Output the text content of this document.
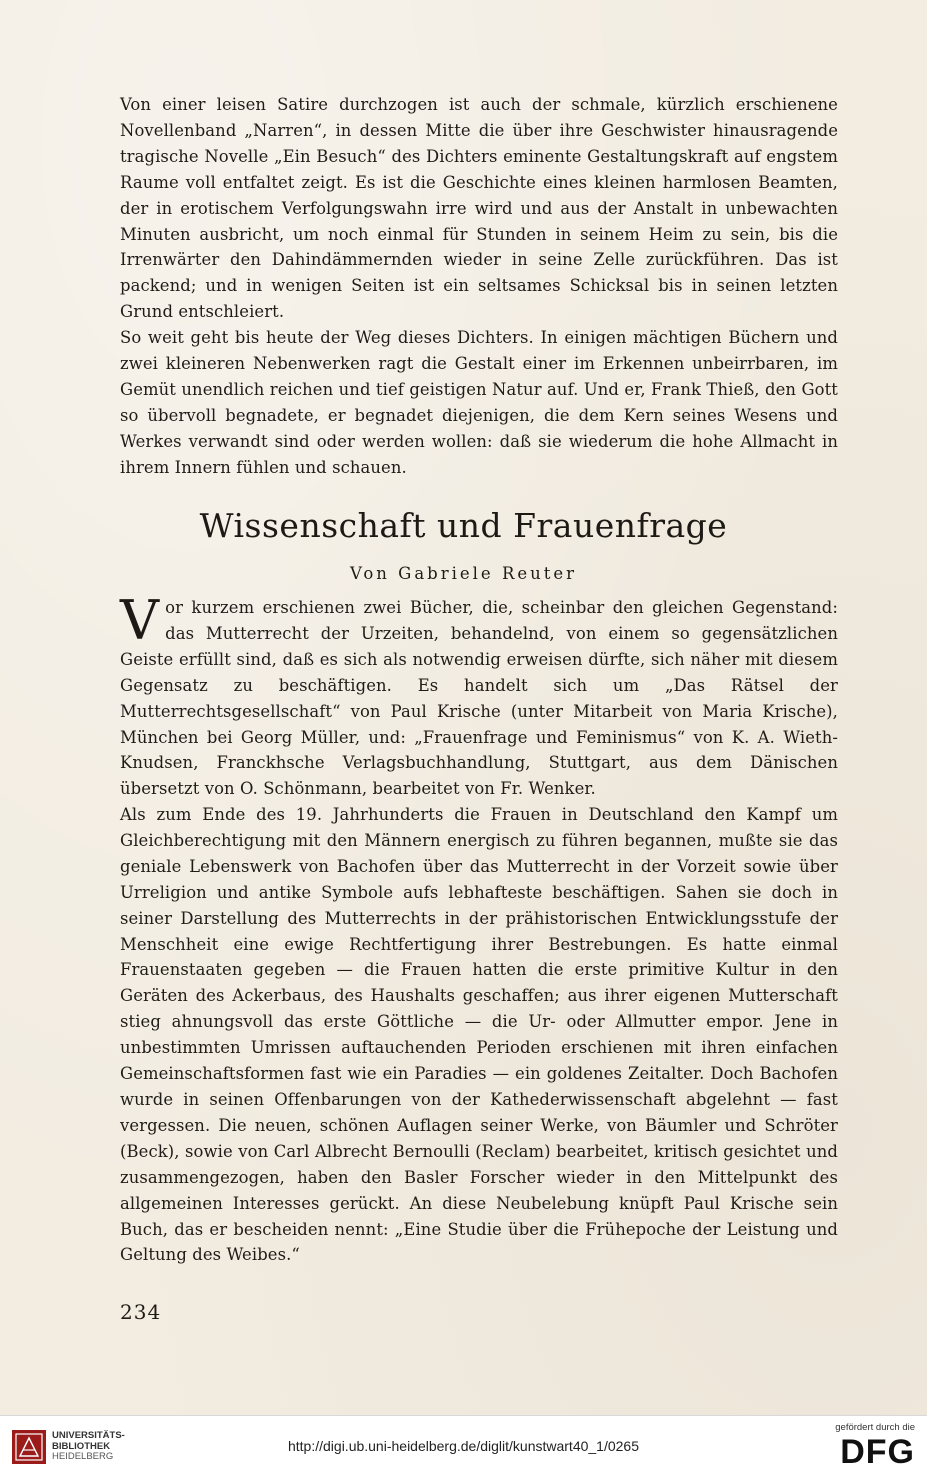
Von einer leisen Satire durchzogen ist auch der schmale, kürzlich erschienene Novellenband „Narren“, in dessen Mitte die über ihre Geschwister hinausragende tragische Novelle „Ein Besuch“ des Dichters eminente Gestaltungskraft auf engstem Raume voll entfaltet zeigt. Es ist die Geschichte eines kleinen harmlosen Beamten, der in erotischem Verfolgungswahn irre wird und aus der Anstalt in unbewachten Minuten ausbricht, um noch einmal für Stunden in seinem Heim zu sein, bis die Irrenwärter den Dahindämmernden wieder in seine Zelle zurückführen. Das ist packend; und in wenigen Seiten ist ein seltsames Schicksal bis in seinen letzten Grund entschleiert.

So weit geht bis heute der Weg dieses Dichters. In einigen mächtigen Büchern und zwei kleineren Nebenwerken ragt die Gestalt einer im Erkennen unbeirrbaren, im Gemüt unendlich reichen und tief geistigen Natur auf. Und er, Frank Thieß, den Gott so übervoll begnadete, er begnadet diejenigen, die dem Kern seines Wesens und Werkes verwandt sind oder werden wollen: daß sie wiederum die hohe Allmacht in ihrem Innern fühlen und schauen.

Wissenschaft und Frauenfrage
Von Gabriele Reuter

Vor kurzem erschienen zwei Bücher, die, scheinbar den gleichen Gegenstand: das Mutterrecht der Urzeiten, behandelnd, von einem so gegensätzlichen Geiste erfüllt sind, daß es sich als notwendig erweisen dürfte, sich näher mit diesem Gegensatz zu beschäftigen. Es handelt sich um „Das Rätsel der Mutterrechtsgesellschaft“ von Paul Krische (unter Mitarbeit von Maria Krische), München bei Georg Müller, und: „Frauenfrage und Feminismus“ von K. A. Wieth-Knudsen, Franckhsche Verlagsbuchhandlung, Stuttgart, aus dem Dänischen übersetzt von O. Schönmann, bearbeitet von Fr. Wenker.

Als zum Ende des 19. Jahrhunderts die Frauen in Deutschland den Kampf um Gleichberechtigung mit den Männern energisch zu führen begannen, mußte sie das geniale Lebenswerk von Bachofen über das Mutterrecht in der Vorzeit sowie über Urreligion und antike Symbole aufs lebhafteste beschäftigen. Sahen sie doch in seiner Darstellung des Mutterrechts in der prähistorischen Entwicklungsstufe der Menschheit eine ewige Rechtfertigung ihrer Bestrebungen. Es hatte einmal Frauenstaaten gegeben — die Frauen hatten die erste primitive Kultur in den Geräten des Ackerbaus, des Haushalts geschaffen; aus ihrer eigenen Mutterschaft stieg ahnungsvoll das erste Göttliche — die Ur- oder Allmutter empor. Jene in unbestimmten Umrissen auftauchenden Perioden erschienen mit ihren einfachen Gemeinschaftsformen fast wie ein Paradies — ein goldenes Zeitalter. Doch Bachofen wurde in seinen Offenbarungen von der Kathederwissenschaft abgelehnt — fast vergessen. Die neuen, schönen Auflagen seiner Werke, von Bäumler und Schröter (Beck), sowie von Carl Albrecht Bernoulli (Reclam) bearbeitet, kritisch gesichtet und zusammengezogen, haben den Basler Forscher wieder in den Mittelpunkt des allgemeinen Interesses gerückt. An diese Neubelebung knüpft Paul Krische sein Buch, das er bescheiden nennt: „Eine Studie über die Frühepoche der Leistung und Geltung des Weibes.“

234
UNIVERSITÄTS-
BIBLIOTHEK
HEIDELBERG
http://digi.ub.uni-heidelberg.de/diglit/kunstwart40_1/0265
gefördert durch die
DFG
